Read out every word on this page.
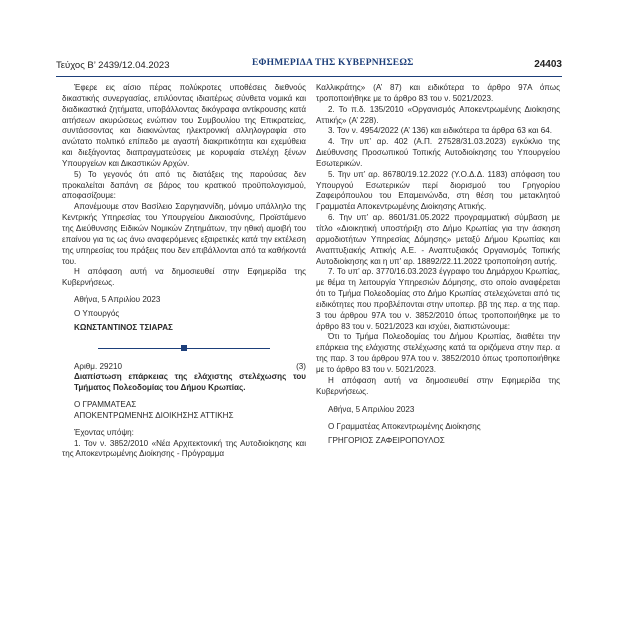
Τεύχος Β’ 2439/12.04.2023	ΕΦΗΜΕΡΙΔΑ ΤΗΣ ΚΥΒΕΡΝΗΣΕΩΣ	24403

Έφερε εις αίσιο πέρας πολύκροτες υποθέσεις διεθνούς δικαστικής συνεργασίας, επιλύοντας ιδιαιτέρως σύνθετα νομικά και διαδικαστικά ζητήματα, υποβάλλοντας δικόγραφα αντίκρουσης κατά αιτήσεων ακυρώσεως ενώπιον του Συμβουλίου της Επικρατείας, συντάσσοντας και διακινώντας ηλεκτρονική αλληλογραφία στο ανώτατο πολιτικό επίπεδο με αγαστή διακριτικότητα και εχεμύθεια και διεξάγοντας διαπραγματεύσεις με κορυφαία στελέχη ξένων Υπουργείων και Δικαστικών Αρχών.

5) Το γεγονός ότι από τις διατάξεις της παρούσας δεν προκαλείται δαπάνη σε βάρος του κρατικού προϋπολογισμού, αποφασίζουμε:

Απονέμουμε στον Βασίλειο Σαργηιαννίδη, μόνιμο υπάλληλο της Κεντρικής Υπηρεσίας του Υπουργείου Δικαιοσύνης, Προϊστάμενο της Διεύθυνσης Ειδικών Νομικών Ζητημάτων, την ηθική αμοιβή του επαίνου για τις ως άνω αναφερόμενες εξαιρετικές κατά την εκτέλεση της υπηρεσίας του πράξεις που δεν επιβάλλονται από τα καθήκοντά του.

Η απόφαση αυτή να δημοσιευθεί στην Εφημερίδα της Κυβερνήσεως.

Αθήνα, 5 Απριλίου 2023

Ο Υπουργός

ΚΩΝΣΤΑΝΤΙΝΟΣ ΤΣΙΑΡΑΣ

Αριθμ. 29210	(3)

Διαπίστωση επάρκειας της ελάχιστης στελέχωσης του Τμήματος Πολεοδομίας του Δήμου Κρωπίας.

Ο ΓΡΑΜΜΑΤΕΑΣ

ΑΠΟΚΕΝΤΡΩΜΕΝΗΣ ΔΙΟΙΚΗΣΗΣ ΑΤΤΙΚΗΣ

Έχοντας υπόψη:

1. Τον ν. 3852/2010 «Νέα Αρχιτεκτονική της Αυτοδιοίκησης και της Αποκεντρωμένης Διοίκησης - Πρόγραμμα

Καλλικράτης» (Α’ 87) και ειδικότερα το άρθρο 97Α όπως τροποποιήθηκε με το άρθρο 83 του ν. 5021/2023.

2. Το π.δ. 135/2010 «Οργανισμός Αποκεντρωμένης Διοίκησης Αττικής» (Α’ 228).

3. Τον ν. 4954/2022 (Α’ 136) και ειδικότερα τα άρθρα 63 και 64.

4. Την υπ’ αρ. 402 (Α.Π. 27528/31.03.2023) εγκύκλιο της Διεύθυνσης Προσωπικού Τοπικής Αυτοδιοίκησης του Υπουργείου Εσωτερικών.

5. Την υπ’ αρ. 86780/19.12.2022 (Υ.Ο.Δ.Δ. 1183) απόφαση του Υπουργού Εσωτερικών περί διορισμού του Γρηγορίου Ζαφειρόπουλου του Επαμεινώνδα, στη θέση του μετακλητού Γραμματέα Αποκεντρωμένης Διοίκησης Αττικής.

6. Την υπ’ αρ. 8601/31.05.2022 προγραμματική σύμβαση με τίτλο «Διοικητική υποστήριξη στο Δήμο Κρωπίας για την άσκηση αρμοδιοτήτων Υπηρεσίας Δόμησης» μεταξύ Δήμου Κρωπίας και Αναπτυξιακής Αττικής Α.Ε. - Αναπτυξιακός Οργανισμός Τοπικής Αυτοδιοίκησης και η υπ’ αρ. 18892/22.11.2022 τροποποίηση αυτής.

7. Το υπ’ αρ. 3770/16.03.2023 έγγραφο του Δημάρχου Κρωπίας, με θέμα τη λειτουργία Υπηρεσιών Δόμησης, στο οποίο αναφέρεται ότι το Τμήμα Πολεοδομίας στο Δήμο Κρωπίας στελεχώνεται από τις ειδικότητες που προβλέπονται στην υποπερ. ββ της περ. α της παρ. 3 του άρθρου 97Α του ν. 3852/2010 όπως τροποποιήθηκε με το άρθρο 83 του ν. 5021/2023 και ισχύει, διαπιστώνουμε:

Ότι το Τμήμα Πολεοδομίας του Δήμου Κρωπίας, διαθέτει την επάρκεια της ελάχιστης στελέχωσης κατά τα οριζόμενα στην περ. α της παρ. 3 του άρθρου 97Α του ν. 3852/2010 όπως τροποποιήθηκε με το άρθρο 83 του ν. 5021/2023.

Η απόφαση αυτή να δημοσιευθεί στην Εφημερίδα της Κυβερνήσεως.

Αθήνα, 5 Απριλίου 2023

Ο Γραμματέας Αποκεντρωμένης Διοίκησης

ΓΡΗΓΟΡΙΟΣ ΖΑΦΕΙΡΟΠΟΥΛΟΣ
